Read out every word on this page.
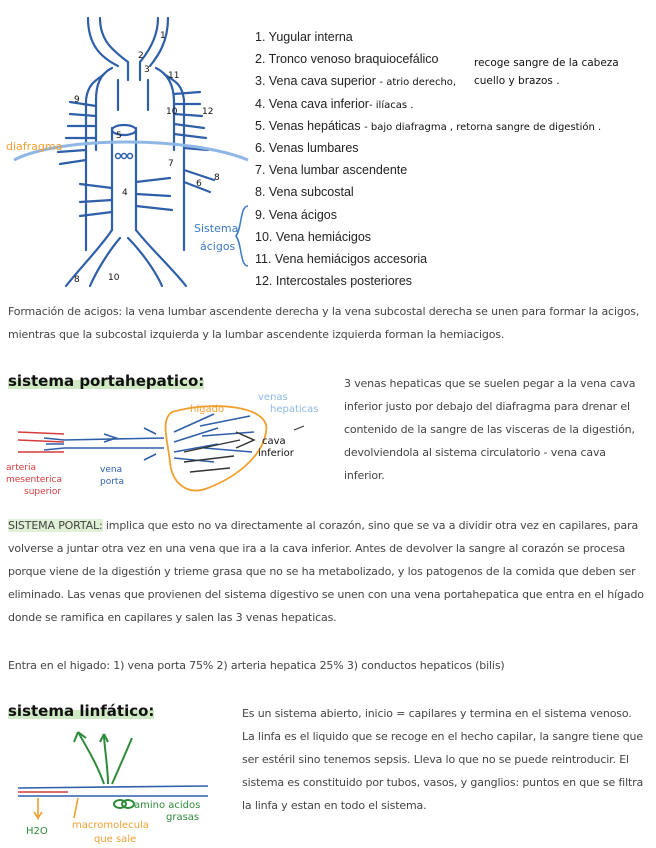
1
2
3
4
5
6
7
8
9
10
11
12
8	10
diafragma
Sistema
ácigos
1. Yugular interna
2. Tronco venoso braquiocefálico
3. Vena cava superior - atrio derecho,
4. Vena cava inferior- ilíacas .
5. Venas hepáticas - bajo diafragma , retorna sangre de digestión .
6. Venas lumbares
7. Vena lumbar ascendente
8. Vena subcostal
9. Vena ácigos
10. Vena hemiácigos
11. Vena hemiácigos accesoria
12. Intercostales posteriores
recoge sangre de la cabeza
cuello y brazos .
Formación de acigos: la vena lumbar ascendente derecha y la vena subcostal derecha se unen para formar la acigos, mientras que la subcostal izquierda y la lumbar ascendente izquierda forman la hemiacigos.
sistema portahepatico:
hígado
venas
hepaticas
cava
inferior
arteria
mesenterica
superior
vena
porta
3 venas hepaticas que se suelen pegar a la vena cava inferior justo por debajo del diafragma para drenar el contenido de la sangre de las visceras de la digestión, devolviendola al sistema circulatorio - vena cava inferior.
SISTEMA PORTAL: implica que esto no va directamente al corazón, sino que se va a dividir otra vez en capilares, para volverse a juntar otra vez en una vena que ira a la cava inferior. Antes de devolver la sangre al corazón se procesa porque viene de la digestión y trieme grasa que no se ha metabolizado, y los patogenos de la comida que deben ser eliminado. Las venas que provienen del sistema digestivo se unen con una vena portahepatica que entra en el hígado donde se ramifica en capilares y salen las 3 venas hepaticas.
Entra en el higado: 1) vena porta 75% 2) arteria hepatica 25% 3) conductos hepaticos (bilis)
sistema linfático:
amino acidos
grasas
H2O
macromolecula
que sale
Es un sistema abierto, inicio = capilares y termina en el sistema venoso. La linfa es el liquido que se recoge en el hecho capilar, la sangre tiene que ser estéril sino tenemos sepsis. Lleva lo que no se puede reintroducir. El sistema es constituido por tubos, vasos, y ganglios: puntos en que se filtra la linfa y estan en todo el sistema.
